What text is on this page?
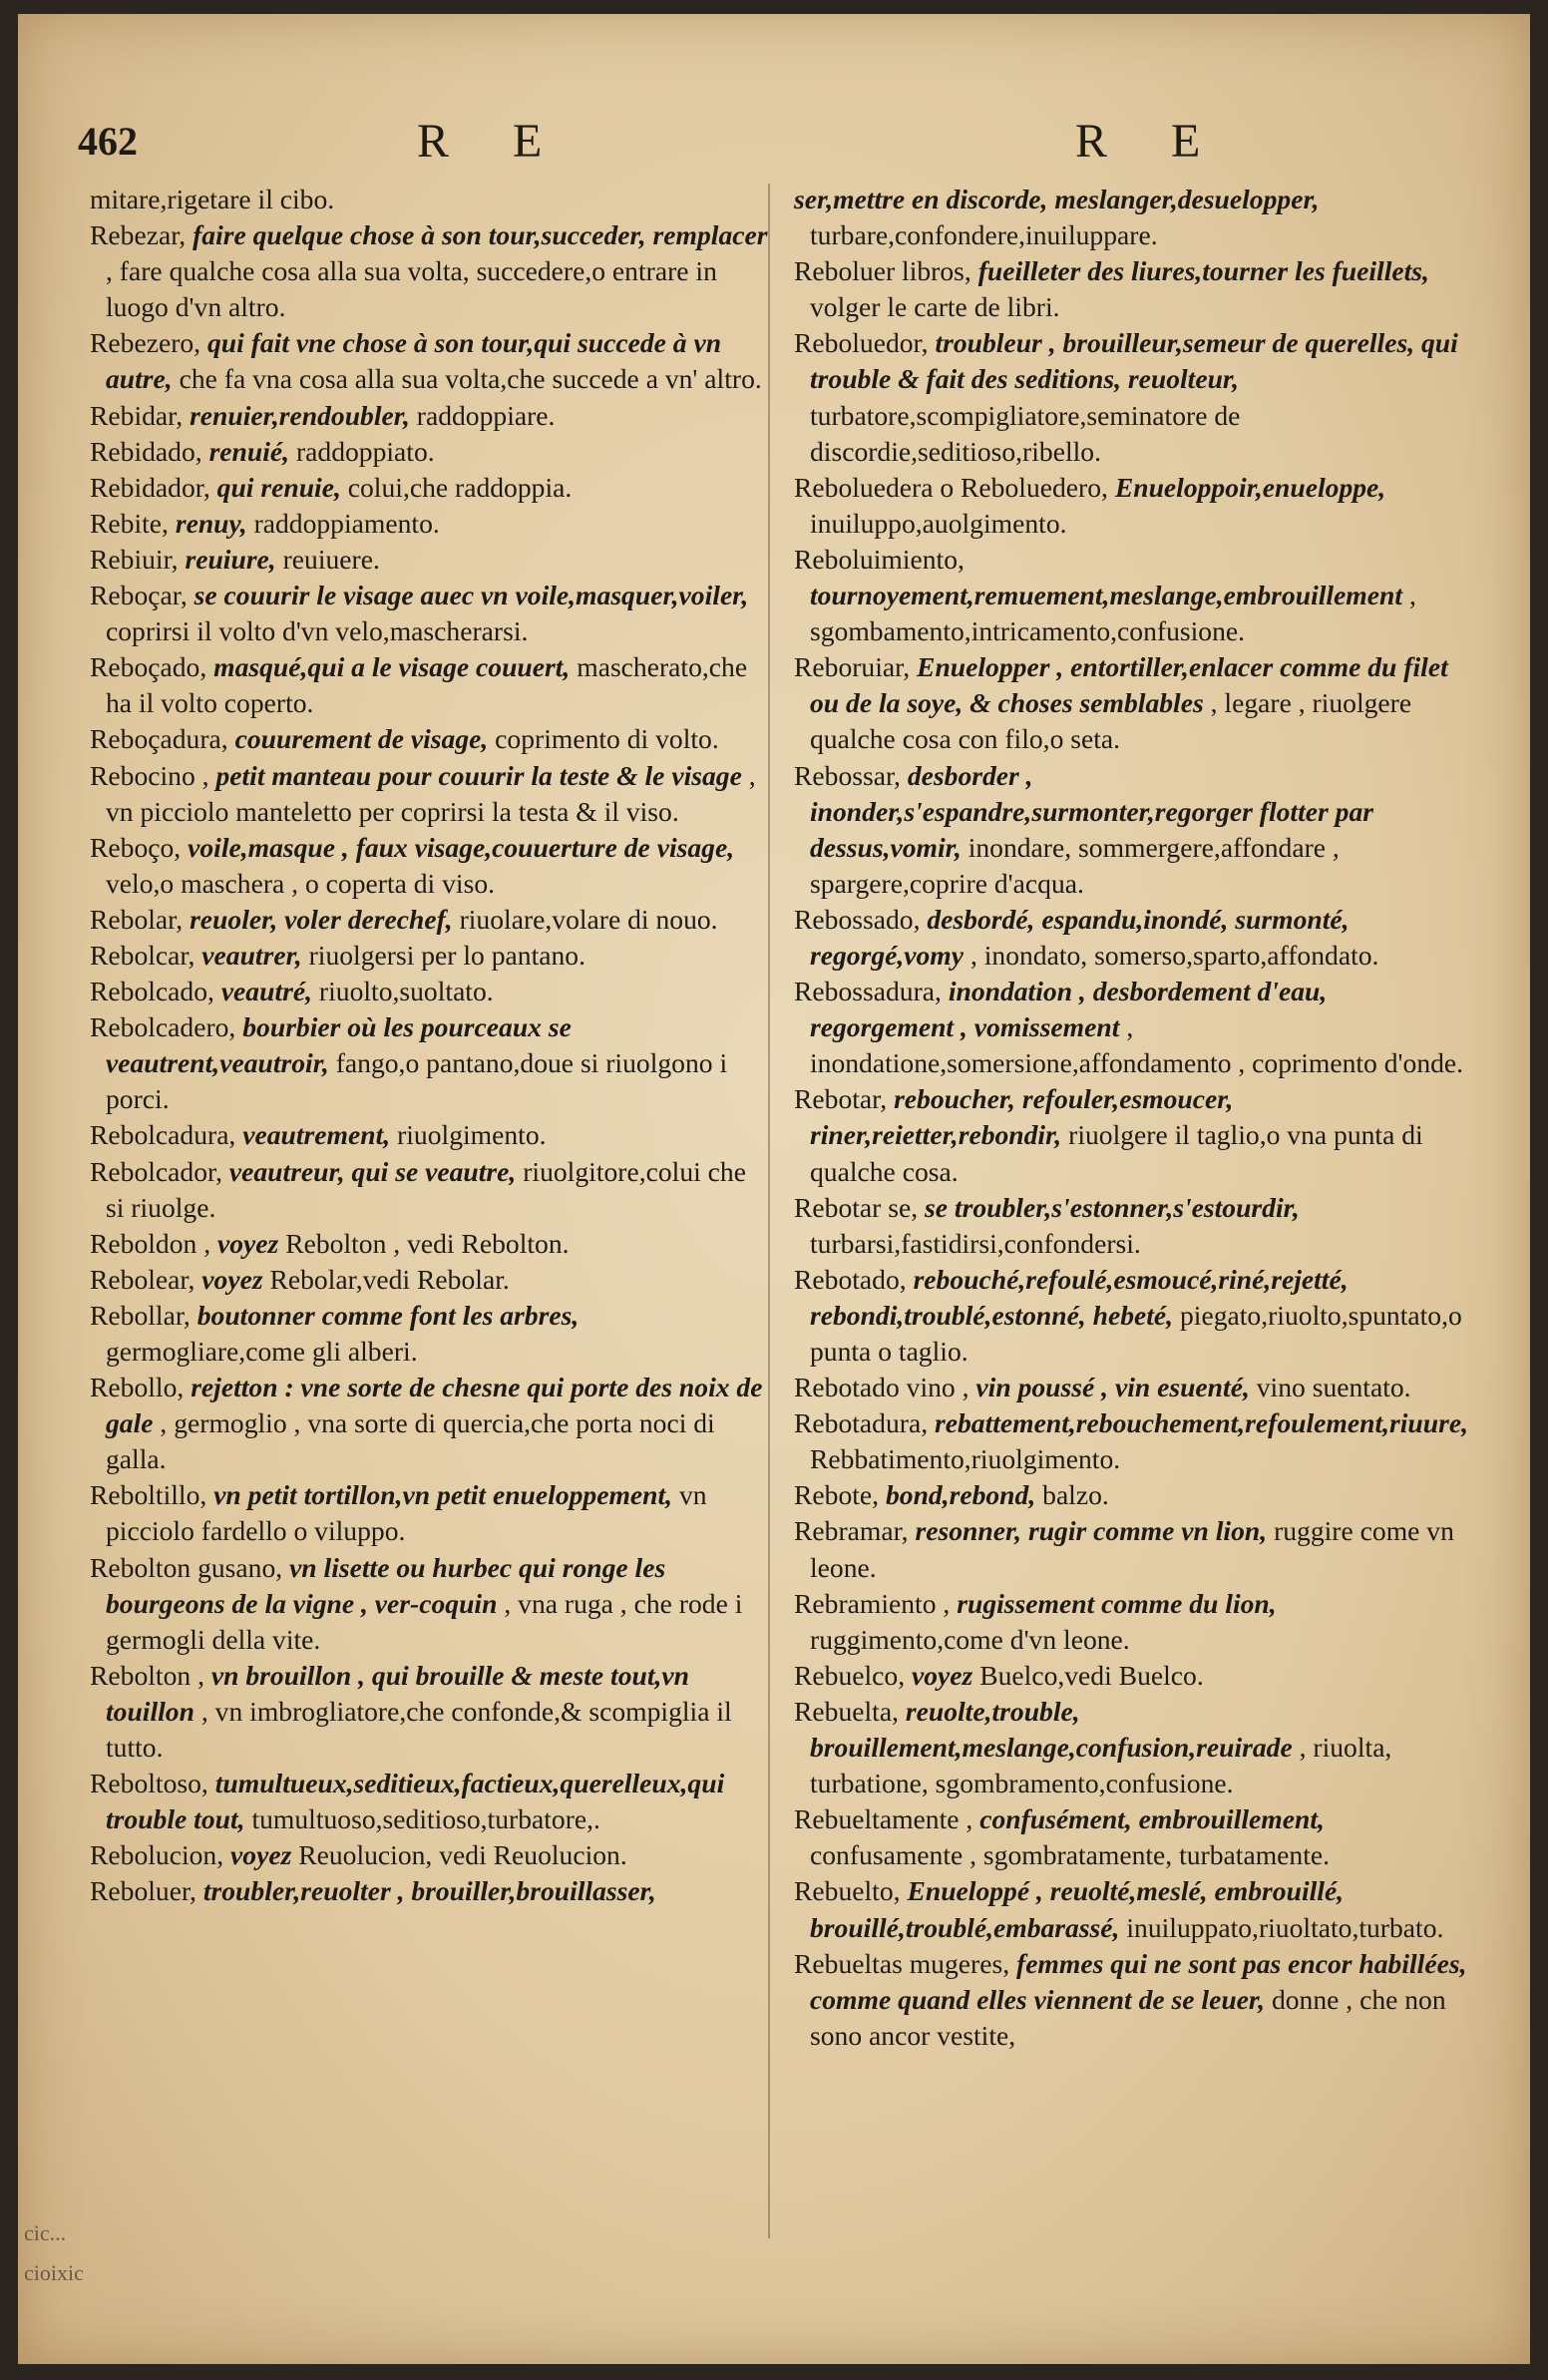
462	R E	R E

mitare,rigetare il cibo.

Rebezar, faire quelque chose à son tour,succeder, remplacer , fare qualche cosa alla sua volta, succedere,o entrare in luogo d'vn altro.

Rebezero, qui fait vne chose à son tour,qui succede à vn autre, che fa vna cosa alla sua volta,che succede a vn' altro.

Rebidar, renuier,rendoubler, raddoppiare.

Rebidado, renuié, raddoppiato.

Rebidador, qui renuie, colui,che raddoppia.

Rebite, renuy, raddoppiamento.

Rebiuir, reuiure, reuiuere.

Reboçar, se couurir le visage auec vn voile,masquer,voiler, coprirsi il volto d'vn velo,mascherarsi.

Reboçado, masqué,qui a le visage couuert, mascherato,che ha il volto coperto.

Reboçadura, couurement de visage, coprimento di volto.

Rebocino , petit manteau pour couurir la teste & le visage , vn picciolo manteletto per coprirsi la testa & il viso.

Reboço, voile,masque , faux visage,couuerture de visage, velo,o maschera , o coperta di viso.

Rebolar, reuoler, voler derechef, riuolare,volare di nouo.

Rebolcar, veautrer, riuolgersi per lo pantano.

Rebolcado, veautré, riuolto,suoltato.

Rebolcadero, bourbier où les pourceaux se veautrent,veautroir, fango,o pantano,doue si riuolgono i porci.

Rebolcadura, veautrement, riuolgimento.

Rebolcador, veautreur, qui se veautre, riuolgitore,colui che si riuolge.

Reboldon , voyez Rebolton , vedi Rebolton.

Rebolear, voyez Rebolar,vedi Rebolar.

Rebollar, boutonner comme font les arbres, germogliare,come gli alberi.

Rebollo, rejetton : vne sorte de chesne qui porte des noix de gale , germoglio , vna sorte di quercia,che porta noci di galla.

Reboltillo, vn petit tortillon,vn petit enueloppement, vn picciolo fardello o viluppo.

Rebolton gusano, vn lisette ou hurbec qui ronge les bourgeons de la vigne , ver-coquin , vna ruga , che rode i germogli della vite.

Rebolton , vn brouillon , qui brouille & meste tout,vn touillon , vn imbrogliatore,che confonde,& scompiglia il tutto.

Reboltoso, tumultueux,seditieux,factieux,querelleux,qui trouble tout, tumultuoso,seditioso,turbatore,.

Rebolucion, voyez Reuolucion, vedi Reuolucion.

Reboluer, troubler,reuolter , brouiller,brouillasser,

ser,mettre en discorde, meslanger,desuelopper, turbare,confondere,inuiluppare.

Reboluer libros, fueilleter des liures,tourner les fueillets, volger le carte de libri.

Reboluedor, troubleur , brouilleur,semeur de querelles, qui trouble & fait des seditions, reuolteur, turbatore,scompigliatore,seminatore de discordie,seditioso,ribello.

Reboluedera o Reboluedero, Enueloppoir,enueloppe, inuiluppo,auolgimento.

Reboluimiento, tournoyement,remuement,meslange,embrouillement , sgombamento,intricamento,confusione.

Reboruiar, Enuelopper , entortiller,enlacer comme du filet ou de la soye, & choses semblables , legare , riuolgere qualche cosa con filo,o seta.

Rebossar, desborder , inonder,s'espandre,surmonter,regorger flotter par dessus,vomir, inondare, sommergere,affondare , spargere,coprire d'acqua.

Rebossado, desbordé, espandu,inondé, surmonté, regorgé,vomy , inondato, somerso,sparto,affondato.

Rebossadura, inondation , desbordement d'eau, regorgement , vomissement , inondatione,somersione,affondamento , coprimento d'onde.

Rebotar, reboucher, refouler,esmoucer, riner,reietter,rebondir, riuolgere il taglio,o vna punta di qualche cosa.

Rebotar se, se troubler,s'estonner,s'estourdir, turbarsi,fastidirsi,confondersi.

Rebotado, rebouché,refoulé,esmoucé,riné,rejetté, rebondi,troublé,estonné, hebeté, piegato,riuolto,spuntato,o punta o taglio.

Rebotado vino , vin poussé , vin esuenté, vino suentato.

Rebotadura, rebattement,rebouchement,refoulement,riuure, Rebbatimento,riuolgimento.

Rebote, bond,rebond, balzo.

Rebramar, resonner, rugir comme vn lion, ruggire come vn leone.

Rebramiento , rugissement comme du lion, ruggimento,come d'vn leone.

Rebuelco, voyez Buelco,vedi Buelco.

Rebuelta, reuolte,trouble, brouillement,meslange,confusion,reuirade , riuolta, turbatione, sgombramento,confusione.

Rebueltamente , confusément, embrouillement, confusamente , sgombratamente, turbatamente.

Rebuelto, Enueloppé , reuolté,meslé, embrouillé, brouillé,troublé,embarassé, inuiluppato,riuoltato,turbato.

Rebueltas mugeres, femmes qui ne sont pas encor habillées, comme quand elles viennent de se leuer, donne , che non sono ancor vestite,

cic...
cioixic
